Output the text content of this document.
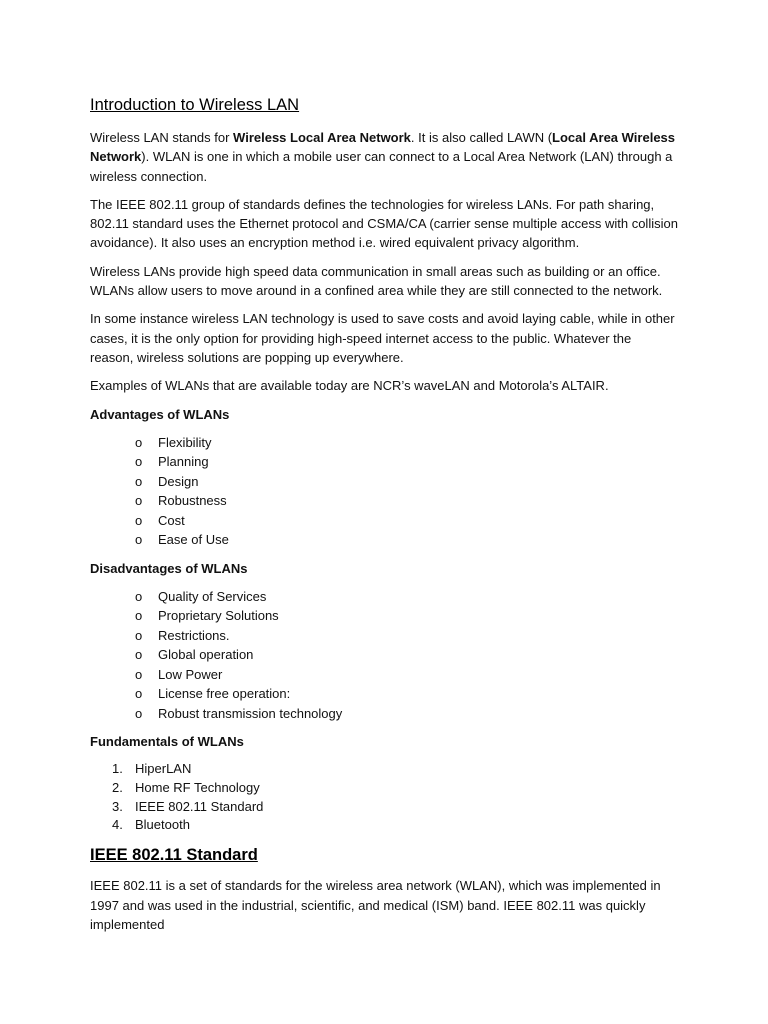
Introduction to Wireless LAN

Wireless LAN stands for Wireless Local Area Network. It is also called LAWN (Local Area Wireless Network). WLAN is one in which a mobile user can connect to a Local Area Network (LAN) through a wireless connection.

The IEEE 802.11 group of standards defines the technologies for wireless LANs. For path sharing, 802.11 standard uses the Ethernet protocol and CSMA/CA (carrier sense multiple access with collision avoidance). It also uses an encryption method i.e. wired equivalent privacy algorithm.

Wireless LANs provide high speed data communication in small areas such as building or an office. WLANs allow users to move around in a confined area while they are still connected to the network.

In some instance wireless LAN technology is used to save costs and avoid laying cable, while in other cases, it is the only option for providing high-speed internet access to the public. Whatever the reason, wireless solutions are popping up everywhere.

Examples of WLANs that are available today are NCR’s waveLAN and Motorola’s ALTAIR.

Advantages of WLANs
o Flexibility
o Planning
o Design
o Robustness
o Cost
o Ease of Use
Disadvantages of WLANs
o Quality of Services
o Proprietary Solutions
o Restrictions.
o Global operation
o Low Power
o License free operation:
o Robust transmission technology
Fundamentals of WLANs
1. HiperLAN
2. Home RF Technology
3. IEEE 802.11 Standard
4. Bluetooth
IEEE 802.11 Standard

IEEE 802.11 is a set of standards for the wireless area network (WLAN), which was implemented in 1997 and was used in the industrial, scientific, and medical (ISM) band. IEEE 802.11 was quickly implemented
